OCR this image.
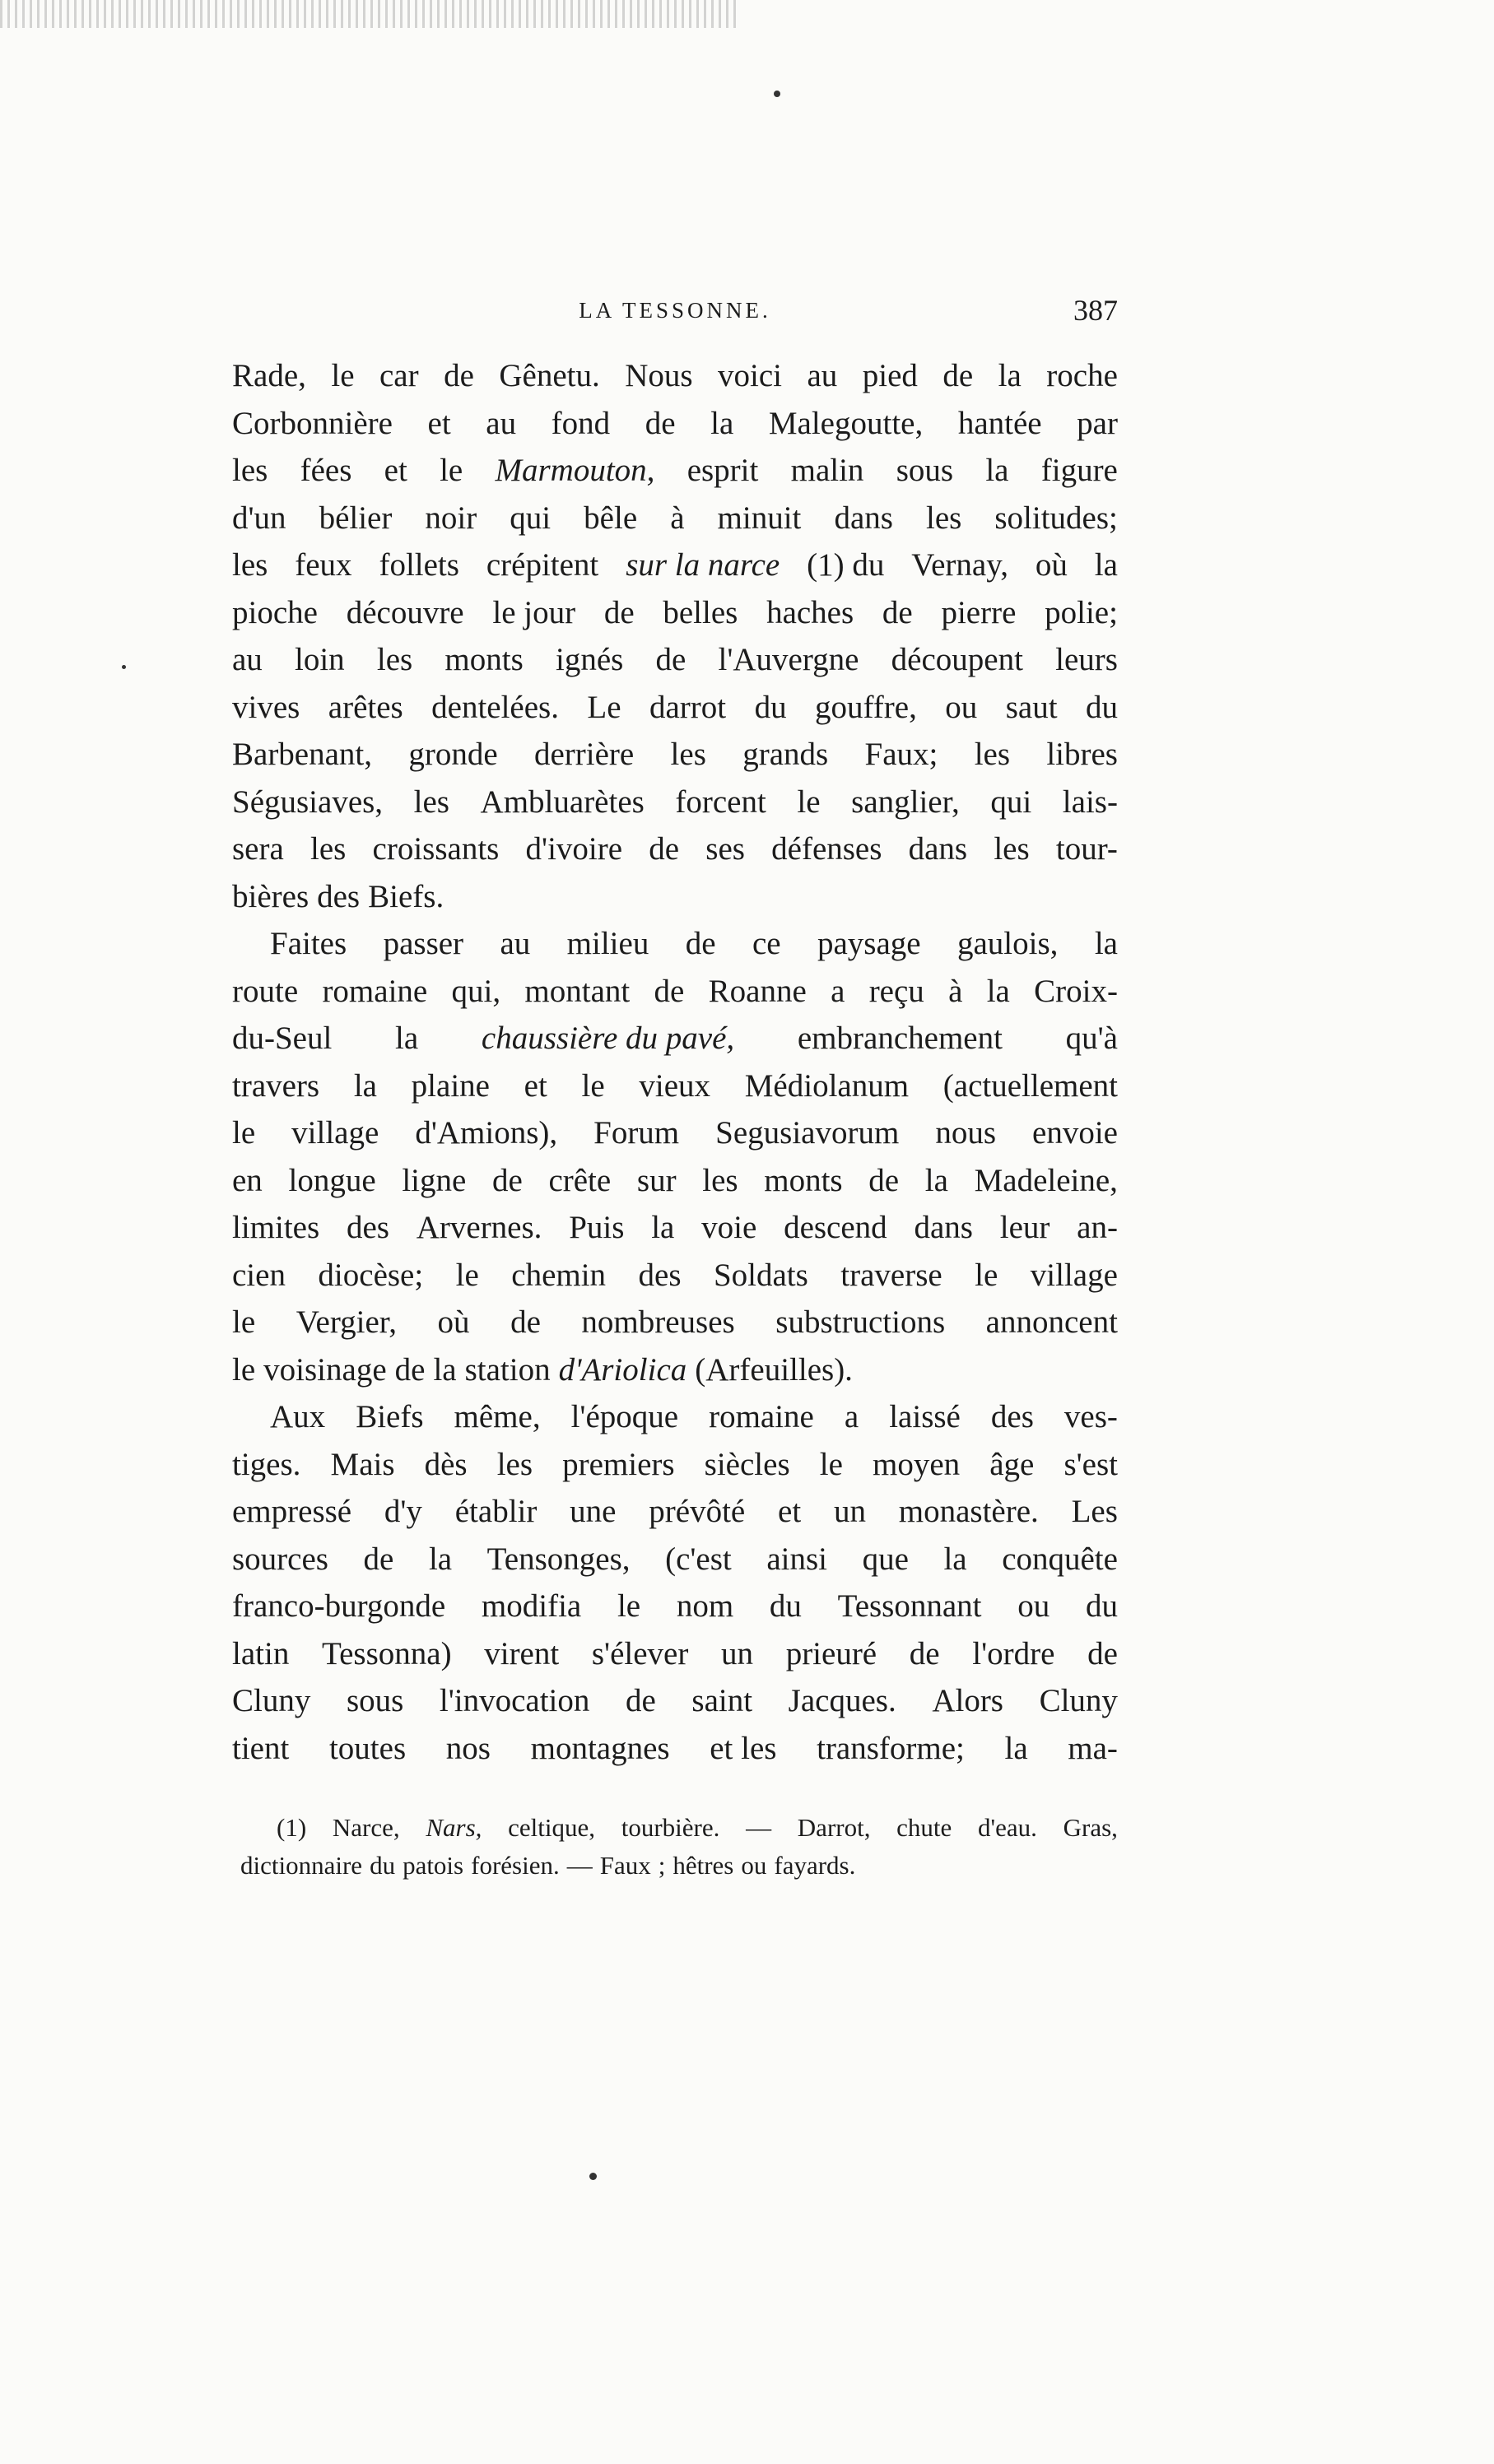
LA TESSONNE.	387
Rade, le car de Gênetu. Nous voici au pied de la roche
Corbonnière et au fond de la Malegoutte, hantée par
les fées et le Marmouton, esprit malin sous la figure
d'un bélier noir qui bêle à minuit dans les solitudes;
les feux follets crépitent sur la narce (1) du Vernay, où la
pioche découvre le jour de belles haches de pierre polie;
au loin les monts ignés de l'Auvergne découpent leurs
vives arêtes dentelées. Le darrot du gouffre, ou saut du
Barbenant, gronde derrière les grands Faux; les libres
Ségusiaves, les Ambluarètes forcent le sanglier, qui lais-
sera les croissants d'ivoire de ses défenses dans les tour-
bières des Biefs.
Faites passer au milieu de ce paysage gaulois, la
route romaine qui, montant de Roanne a reçu à la Croix-
du-Seul la chaussière du pavé, embranchement qu'à
travers la plaine et le vieux Médiolanum (actuellement
le village d'Amions), Forum Segusiavorum nous envoie
en longue ligne de crête sur les monts de la Madeleine,
limites des Arvernes. Puis la voie descend dans leur an-
cien diocèse; le chemin des Soldats traverse le village
le Vergier, où de nombreuses substructions annoncent
le voisinage de la station d'Ariolica (Arfeuilles).
Aux Biefs même, l'époque romaine a laissé des ves-
tiges. Mais dès les premiers siècles le moyen âge s'est
empressé d'y établir une prévôté et un monastère. Les
sources de la Tensonges, (c'est ainsi que la conquête
franco-burgonde modifia le nom du Tessonnant ou du
latin Tessonna) virent s'élever un prieuré de l'ordre de
Cluny sous l'invocation de saint Jacques. Alors Cluny
tient toutes nos montagnes et les transforme; la ma-
(1) Narce, Nars, celtique, tourbière. — Darrot, chute d'eau. Gras,
dictionnaire du patois forésien. — Faux ; hêtres ou fayards.
